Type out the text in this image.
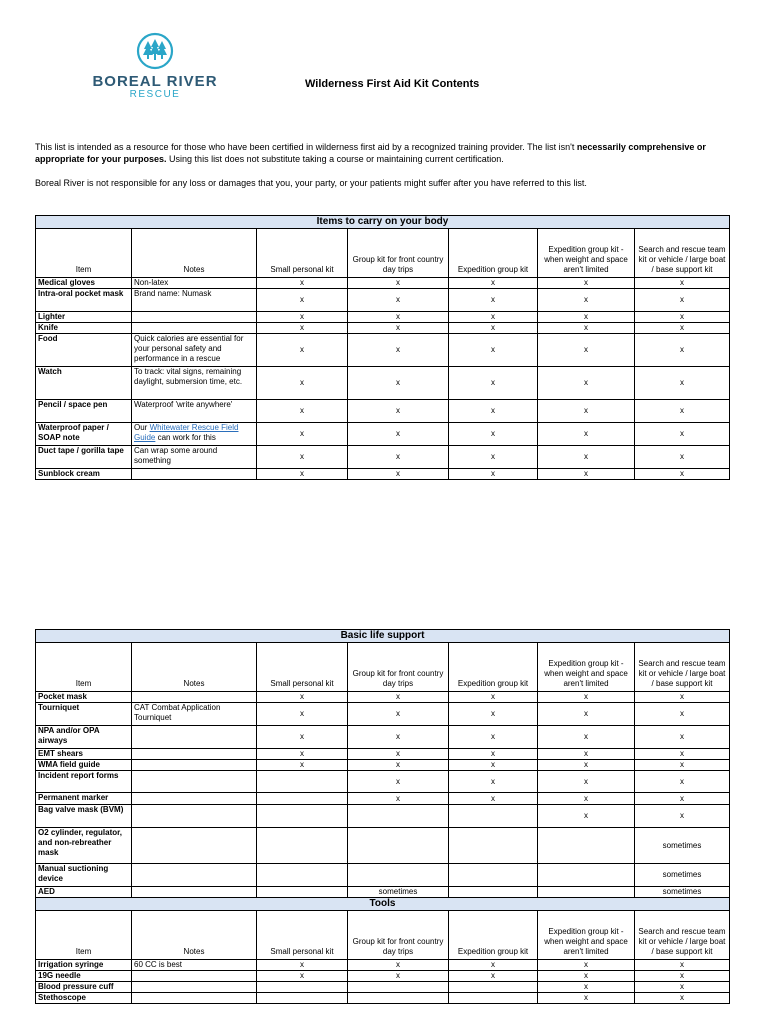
BOREAL RIVER
RESCUE
Wilderness First Aid Kit Contents

This list is intended as a resource for those who have been certified in wilderness first aid by a recognized training provider. The list isn't necessarily comprehensive or appropriate for your purposes. Using this list does not substitute taking a course or maintaining current certification.

Boreal River is not responsible for any loss or damages that you, your party, or your patients might suffer after you have referred to this list.

Items to carry on your body						
Item	Notes	Small personal kit	Group kit for front country day trips	Expedition group kit	Expedition group kit - when weight and space aren't limited	Search and rescue team kit or vehicle / large boat / base support kit
Medical gloves	Non-latex	x	x	x	x	x
Intra-oral pocket mask	Brand name: Numask	x	x	x	x	x
Lighter		x	x	x	x	x
Knife		x	x	x	x	x
Food	Quick calories are essential for your personal safety and performance in a rescue	x	x	x	x	x
Watch	To track: vital signs, remaining daylight, submersion time, etc.	x	x	x	x	x
Pencil / space pen	Waterproof 'write anywhere'	x	x	x	x	x
Waterproof paper / SOAP note	Our Whitewater Rescue Field Guide can work for this	x	x	x	x	x
Duct tape / gorilla tape	Can wrap some around something	x	x	x	x	x
Sunblock cream		x	x	x	x	x
Basic life support						
Item	Notes	Small personal kit	Group kit for front country day trips	Expedition group kit	Expedition group kit - when weight and space aren't limited	Search and rescue team kit or vehicle / large boat / base support kit
Pocket mask		x	x	x	x	x
Tourniquet	CAT Combat Application Tourniquet	x	x	x	x	x
NPA and/or OPA airways		x	x	x	x	x
EMT shears		x	x	x	x	x
WMA field guide		x	x	x	x	x
Incident report forms			x	x	x	x
Permanent marker			x	x	x	x
Bag valve mask (BVM)					x	x
O2 cylinder, regulator, and non-rebreather mask						sometimes
Manual suctioning device						sometimes
AED			sometimes			sometimes
Tools						
Item	Notes	Small personal kit	Group kit for front country day trips	Expedition group kit	Expedition group kit - when weight and space aren't limited	Search and rescue team kit or vehicle / large boat / base support kit
Irrigation syringe	60 CC is best	x	x	x	x	x
19G needle		x	x	x	x	x
Blood pressure cuff					x	x
Stethoscope					x	x
